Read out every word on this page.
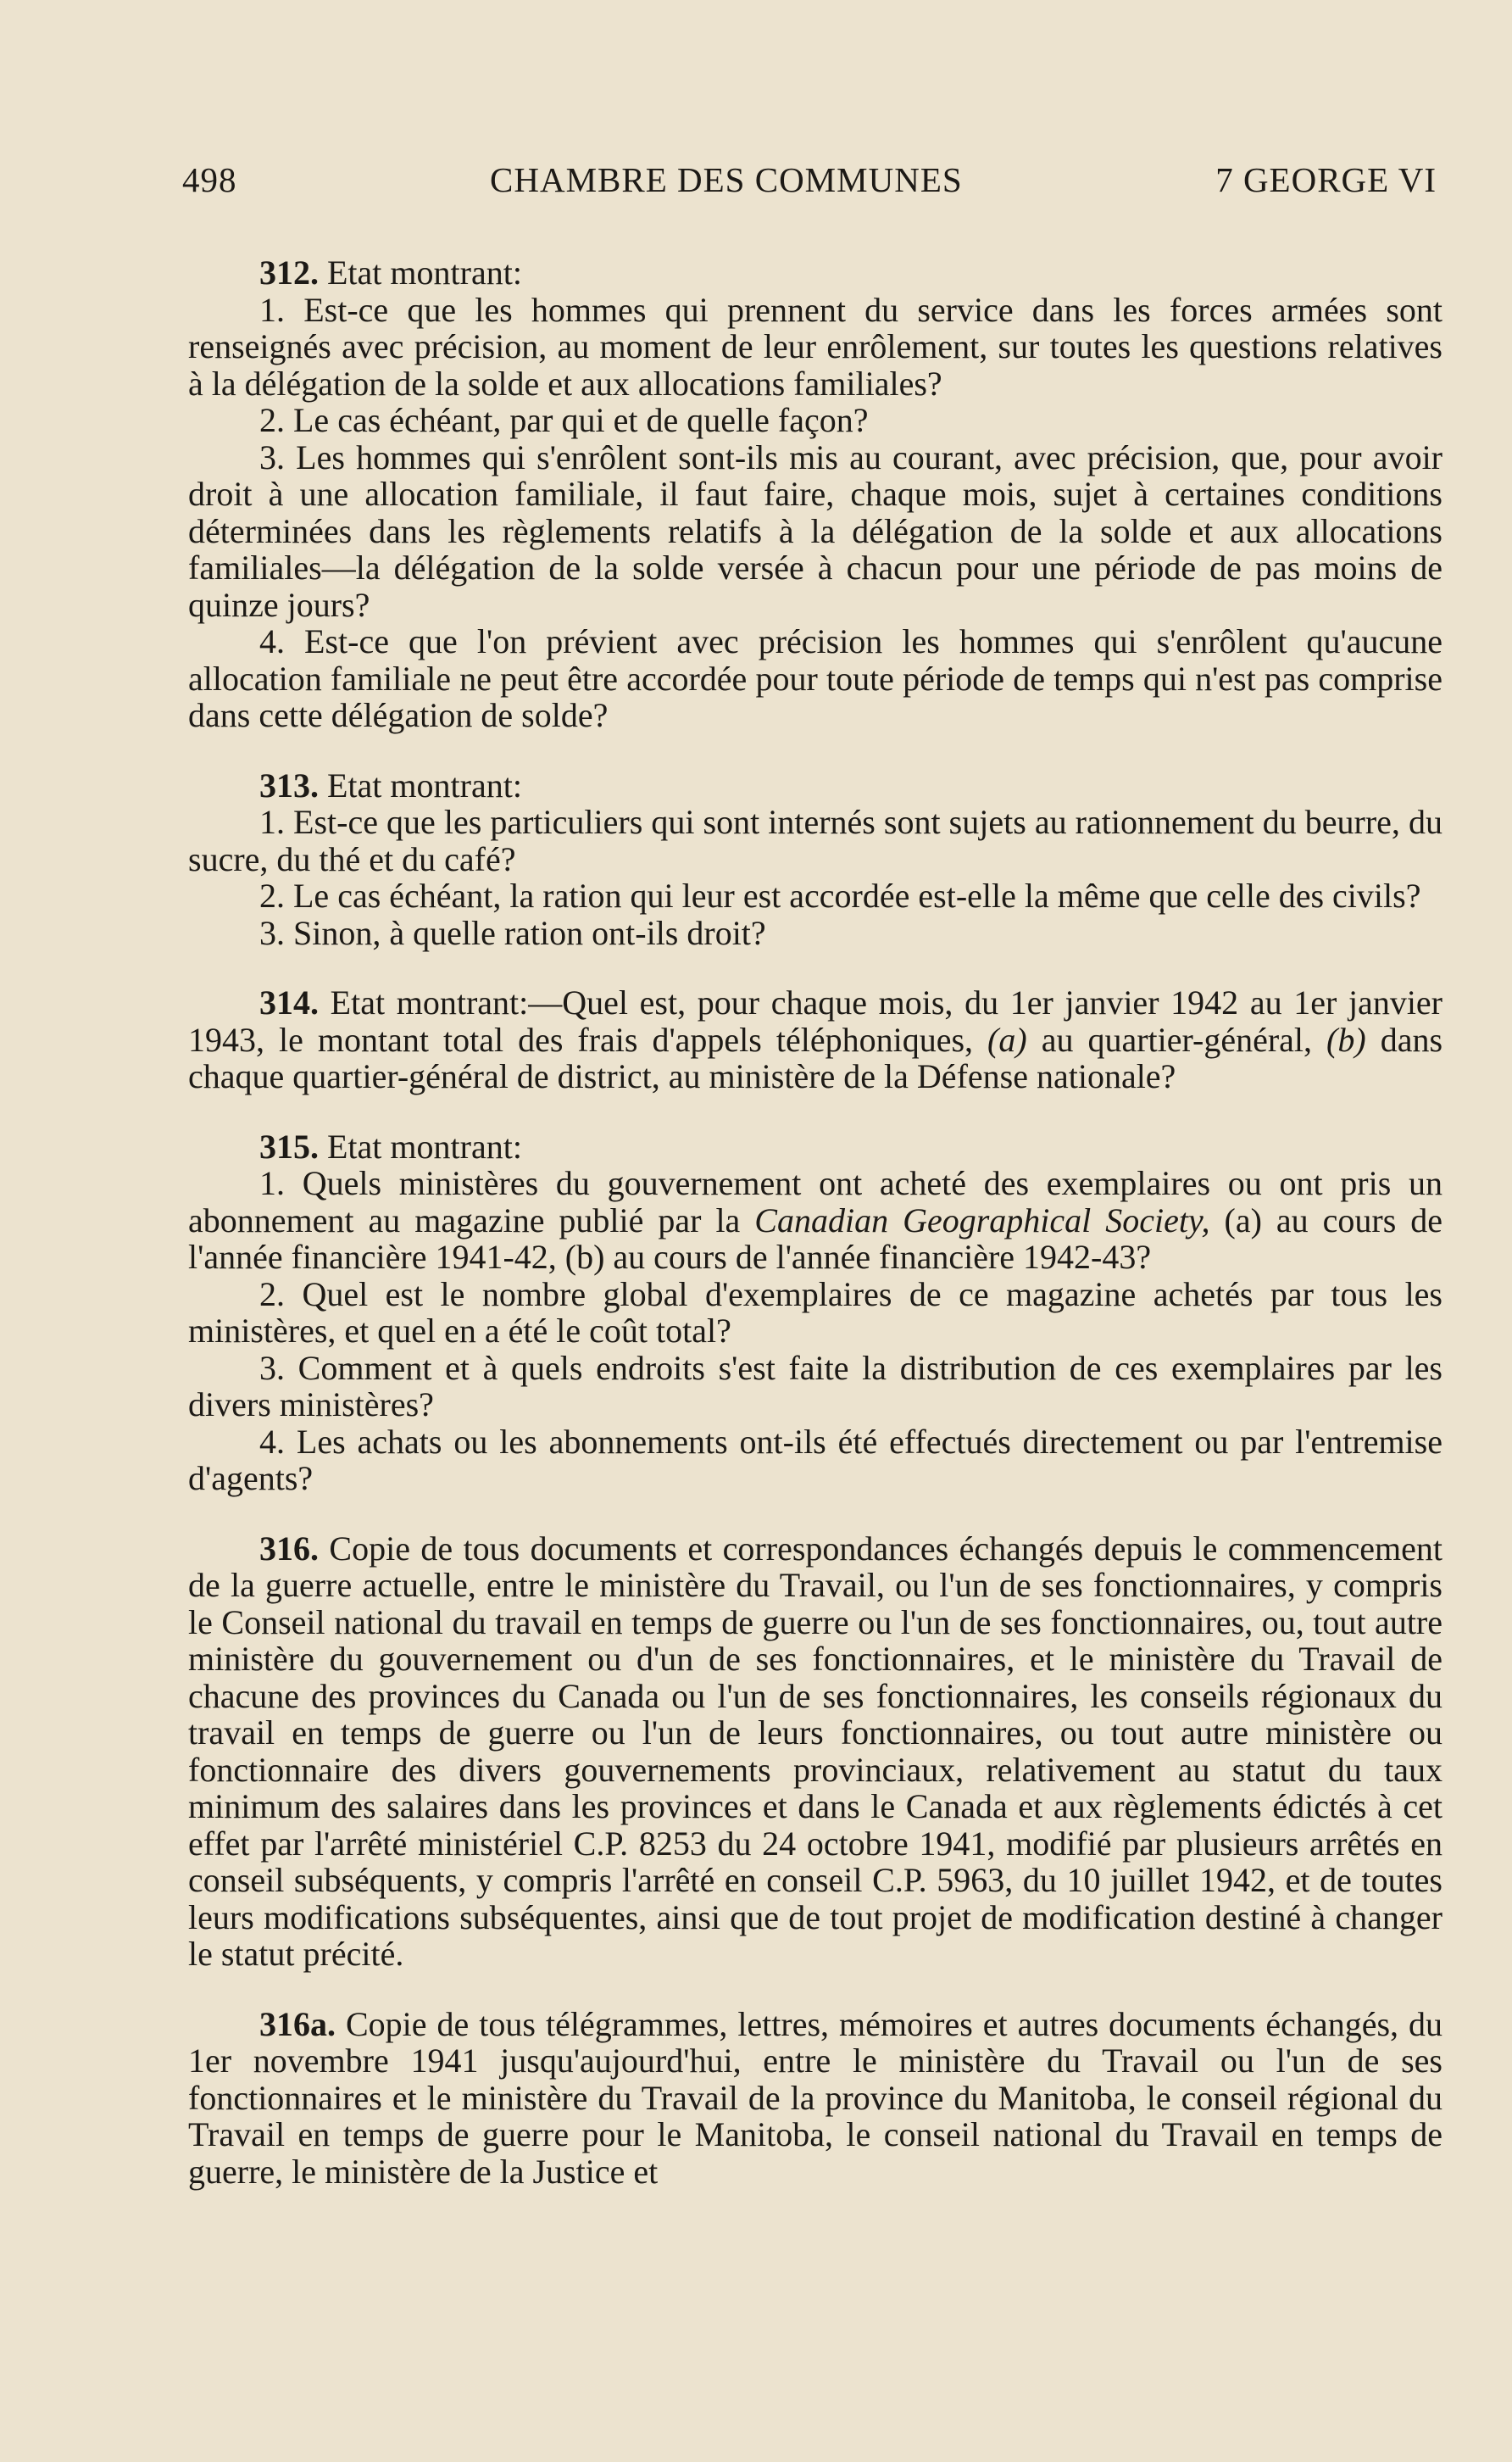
498	CHAMBRE DES COMMUNES	7 GEORGE VI

312. Etat montrant:

1. Est-ce que les hommes qui prennent du service dans les forces armées sont renseignés avec précision, au moment de leur enrôlement, sur toutes les questions relatives à la délégation de la solde et aux allocations familiales?

2. Le cas échéant, par qui et de quelle façon?

3. Les hommes qui s'enrôlent sont-ils mis au courant, avec précision, que, pour avoir droit à une allocation familiale, il faut faire, chaque mois, sujet à certaines conditions déterminées dans les règlements relatifs à la délégation de la solde et aux allocations familiales—la délégation de la solde versée à chacun pour une période de pas moins de quinze jours?

4. Est-ce que l'on prévient avec précision les hommes qui s'enrôlent qu'aucune allocation familiale ne peut être accordée pour toute période de temps qui n'est pas comprise dans cette délégation de solde?

313. Etat montrant:

1. Est-ce que les particuliers qui sont internés sont sujets au rationnement du beurre, du sucre, du thé et du café?

2. Le cas échéant, la ration qui leur est accordée est-elle la même que celle des civils?

3. Sinon, à quelle ration ont-ils droit?

314. Etat montrant:—Quel est, pour chaque mois, du 1er janvier 1942 au 1er janvier 1943, le montant total des frais d'appels téléphoniques, (a) au quartier-général, (b) dans chaque quartier-général de district, au ministère de la Défense nationale?

315. Etat montrant:

1. Quels ministères du gouvernement ont acheté des exemplaires ou ont pris un abonnement au magazine publié par la Canadian Geographical Society, (a) au cours de l'année financière 1941-42, (b) au cours de l'année financière 1942-43?

2. Quel est le nombre global d'exemplaires de ce magazine achetés par tous les ministères, et quel en a été le coût total?

3. Comment et à quels endroits s'est faite la distribution de ces exemplaires par les divers ministères?

4. Les achats ou les abonnements ont-ils été effectués directement ou par l'entremise d'agents?

316. Copie de tous documents et correspondances échangés depuis le commencement de la guerre actuelle, entre le ministère du Travail, ou l'un de ses fonctionnaires, y compris le Conseil national du travail en temps de guerre ou l'un de ses fonctionnaires, ou, tout autre ministère du gouvernement ou d'un de ses fonctionnaires, et le ministère du Travail de chacune des provinces du Canada ou l'un de ses fonctionnaires, les conseils régionaux du travail en temps de guerre ou l'un de leurs fonctionnaires, ou tout autre ministère ou fonctionnaire des divers gouvernements provinciaux, relativement au statut du taux minimum des salaires dans les provinces et dans le Canada et aux règlements édictés à cet effet par l'arrêté ministériel C.P. 8253 du 24 octobre 1941, modifié par plusieurs arrêtés en conseil subséquents, y compris l'arrêté en conseil C.P. 5963, du 10 juillet 1942, et de toutes leurs modifications subséquentes, ainsi que de tout projet de modification destiné à changer le statut précité.

316a. Copie de tous télégrammes, lettres, mémoires et autres documents échangés, du 1er novembre 1941 jusqu'aujourd'hui, entre le ministère du Travail ou l'un de ses fonctionnaires et le ministère du Travail de la province du Manitoba, le conseil régional du Travail en temps de guerre pour le Manitoba, le conseil national du Travail en temps de guerre, le ministère de la Justice et
